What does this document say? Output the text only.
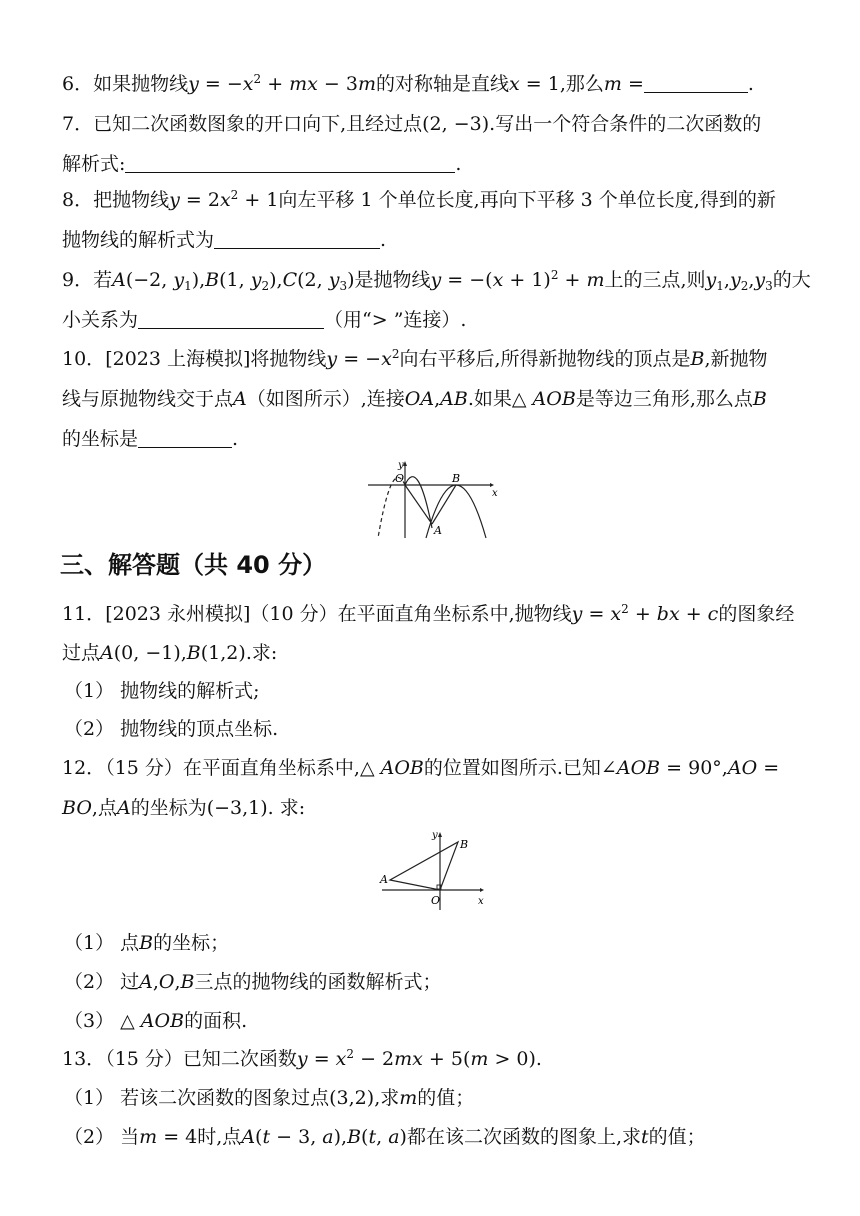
6．如果抛物线$y = -x^2$ + mx − 3m的对称轴是直线x = 1,那么m =	.
7．已知二次函数图象的开口向下,且经过点(2, −3).写出一个符合条件的二次函数的
解析式:	.
8．把抛物线$y = 2x^2 + 1$向左平移 1 个单位长度,再向下平移 3 个单位长度,得到的新
抛物线的解析式为	.
9．若A(−2, $y_1),B(1$, $y_2),C(2$, $y_3$)是抛物线$y = -(x + 1)^2 + m$上的三点,则$y_1,y_2,y_3$的大
小关系为	（用“> ”连接）.
10．[2023 上海模拟]将抛物线$y = -x^2$向右平移后,所得新抛物线的顶点是B,新抛物
线与原抛物线交于点A（如图所示）,连接OA,AB.如果△ AOB是等边三角形,那么点B
的坐标是	.
y
O	B
x
A
三、解答题（共 40 分）
11．[2023 永州模拟]（10 分）在平面直角坐标系中,抛物线$y = x^2$ + bx + c的图象经
过点A(0, −1),B(1,2).求:
（1） 抛物线的解析式;
（2） 抛物线的顶点坐标.
12．（15 分）在平面直角坐标系中,△ AOB的位置如图所示.已知∠AOB = 90°,AO =
BO,点A的坐标为(−3,1). 求:
y
B
A
O	x
（1） 点B的坐标；
（2） 过A,O,B三点的抛物线的函数解析式；
（3） △ AOB的面积.
13．（15 分）已知二次函数$y = x^2 - 2mx + 5(m > 0)$.
（1） 若该二次函数的图象过点(3,2),求m的值；
（2） 当m = 4时,点A(t − 3, a),B(t, a)都在该二次函数的图象上,求t的值；
